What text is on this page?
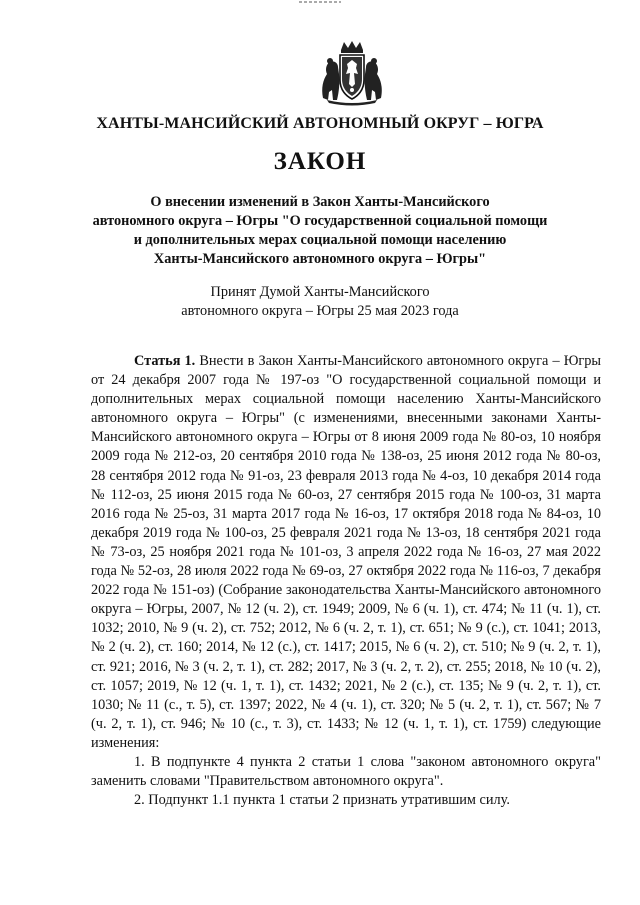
ХАНТЫ-МАНСИЙСКИЙ АВТОНОМНЫЙ ОКРУГ – ЮГРА
ЗАКОН
О внесении изменений в Закон Ханты-Мансийского
автономного округа – Югры "О государственной социальной помощи
и дополнительных мерах социальной помощи населению
Ханты-Мансийского автономного округа – Югры"
Принят Думой Ханты-Мансийского
автономного округа – Югры 25 мая 2023 года

Статья 1. Внести в Закон Ханты-Мансийского автономного округа – Югры от 24 декабря 2007 года № 197-оз "О государственной социальной помощи и дополнительных мерах социальной помощи населению Ханты-Мансийского автономного округа – Югры" (с изменениями, внесенными законами Ханты-Мансийского автономного округа – Югры от 8 июня 2009 года № 80-оз, 10 ноября 2009 года № 212-оз, 20 сентября 2010 года № 138-оз, 25 июня 2012 года № 80-оз, 28 сентября 2012 года № 91-оз, 23 февраля 2013 года № 4-оз, 10 декабря 2014 года № 112-оз, 25 июня 2015 года № 60-оз, 27 сентября 2015 года № 100-оз, 31 марта 2016 года № 25-оз, 31 марта 2017 года № 16-оз, 17 октября 2018 года № 84-оз, 10 декабря 2019 года № 100-оз, 25 февраля 2021 года № 13-оз, 18 сентября 2021 года № 73-оз, 25 ноября 2021 года № 101-оз, 3 апреля 2022 года № 16-оз, 27 мая 2022 года № 52-оз, 28 июля 2022 года № 69-оз, 27 октября 2022 года № 116-оз, 7 декабря 2022 года № 151-оз) (Собрание законодательства Ханты-Мансийского автономного округа – Югры, 2007, № 12 (ч. 2), ст. 1949; 2009, № 6 (ч. 1), ст. 474; № 11 (ч. 1), ст. 1032; 2010, № 9 (ч. 2), ст. 752; 2012, № 6 (ч. 2, т. 1), ст. 651; № 9 (с.), ст. 1041; 2013, № 2 (ч. 2), ст. 160; 2014, № 12 (с.), ст. 1417; 2015, № 6 (ч. 2), ст. 510; № 9 (ч. 2, т. 1), ст. 921; 2016, № 3 (ч. 2, т. 1), ст. 282; 2017, № 3 (ч. 2, т. 2), ст. 255; 2018, № 10 (ч. 2), ст. 1057; 2019, № 12 (ч. 1, т. 1), ст. 1432; 2021, № 2 (с.), ст. 135; № 9 (ч. 2, т. 1), ст. 1030; № 11 (с., т. 5), ст. 1397; 2022, № 4 (ч. 1), ст. 320; № 5 (ч. 2, т. 1), ст. 567; № 7 (ч. 2, т. 1), ст. 946; № 10 (с., т. 3), ст. 1433; № 12 (ч. 1, т. 1), ст. 1759) следующие изменения:

1. В подпункте 4 пункта 2 статьи 1 слова "законом автономного округа" заменить словами "Правительством автономного округа".

2. Подпункт 1.1 пункта 1 статьи 2 признать утратившим силу.
